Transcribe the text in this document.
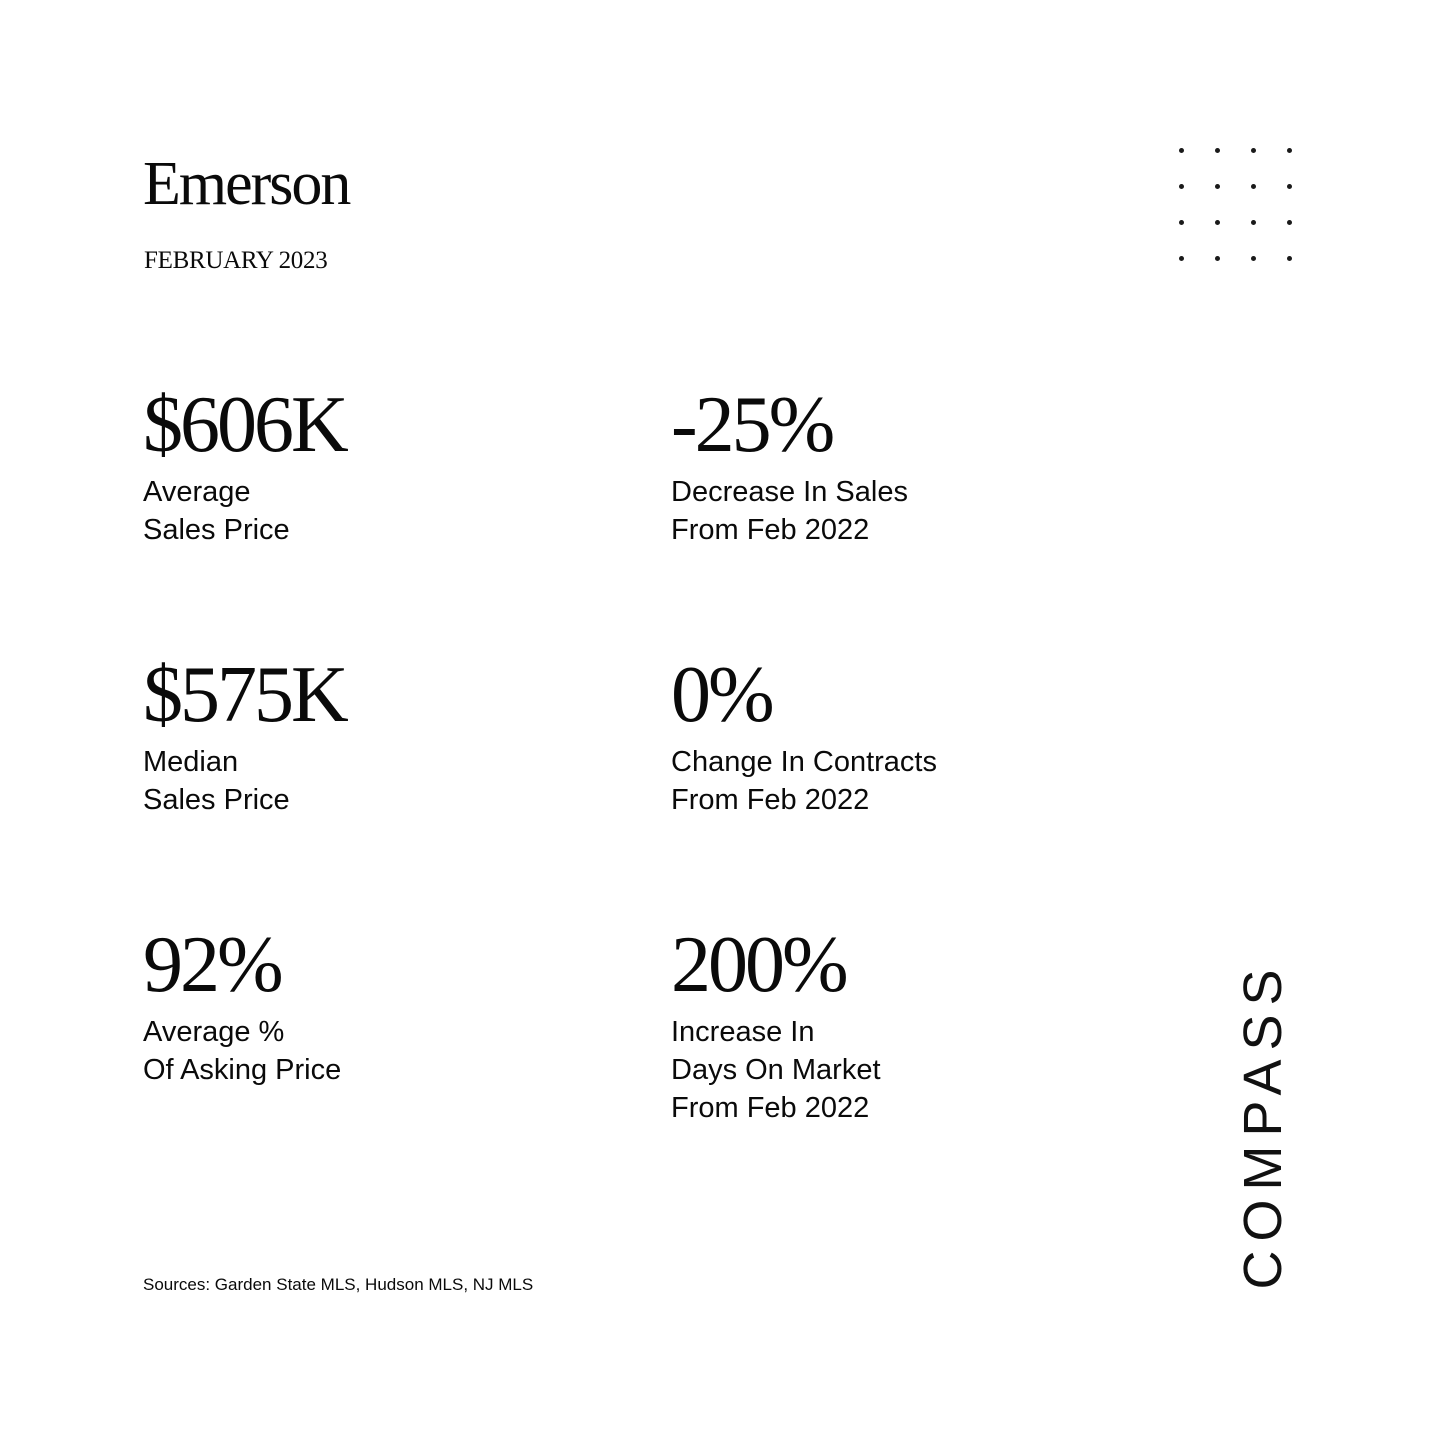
Emerson
FEBRUARY 2023
$606K
Average
Sales Price
-25%
Decrease In Sales
From Feb 2022
$575K
Median
Sales Price
0%
Change In Contracts
From Feb 2022
92%
Average %
Of Asking Price
200%
Increase In
Days On Market
From Feb 2022
Sources: Garden State MLS, Hudson MLS, NJ MLS	COMPASS
